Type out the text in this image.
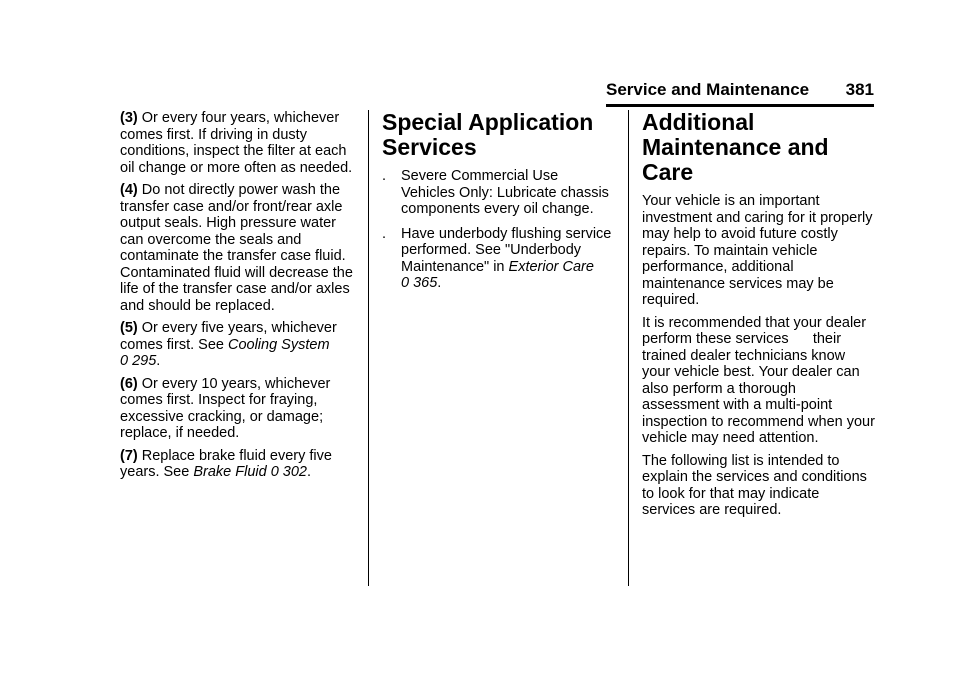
Service and Maintenance 381

(3) Or every four years, whichever
comes first. If driving in dusty
conditions, inspect the filter at each
oil change or more often as needed.

(4) Do not directly power wash the
transfer case and/or front/rear axle
output seals. High pressure water
can overcome the seals and
contaminate the transfer case fluid.
Contaminated fluid will decrease the
life of the transfer case and/or axles
and should be replaced.

(5) Or every five years, whichever
comes first. See Cooling System
0 295.

(6) Or every 10 years, whichever
comes first. Inspect for fraying,
excessive cracking, or damage;
replace, if needed.

(7) Replace brake fluid every five
years. See Brake Fluid 0 302.

Special Application
Services
. Severe Commercial Use
Vehicles Only: Lubricate chassis
components every oil change.
. Have underbody flushing service
performed. See "Underbody
Maintenance" in Exterior Care
0 365.
Additional
Maintenance and Care

Your vehicle is an important
investment and caring for it properly
may help to avoid future costly
repairs. To maintain vehicle
performance, additional
maintenance services may be
required.

It is recommended that your dealer
perform these services      their
trained dealer technicians know
your vehicle best. Your dealer can
also perform a thorough
assessment with a multi-point
inspection to recommend when your
vehicle may need attention.

The following list is intended to
explain the services and conditions
to look for that may indicate
services are required.
